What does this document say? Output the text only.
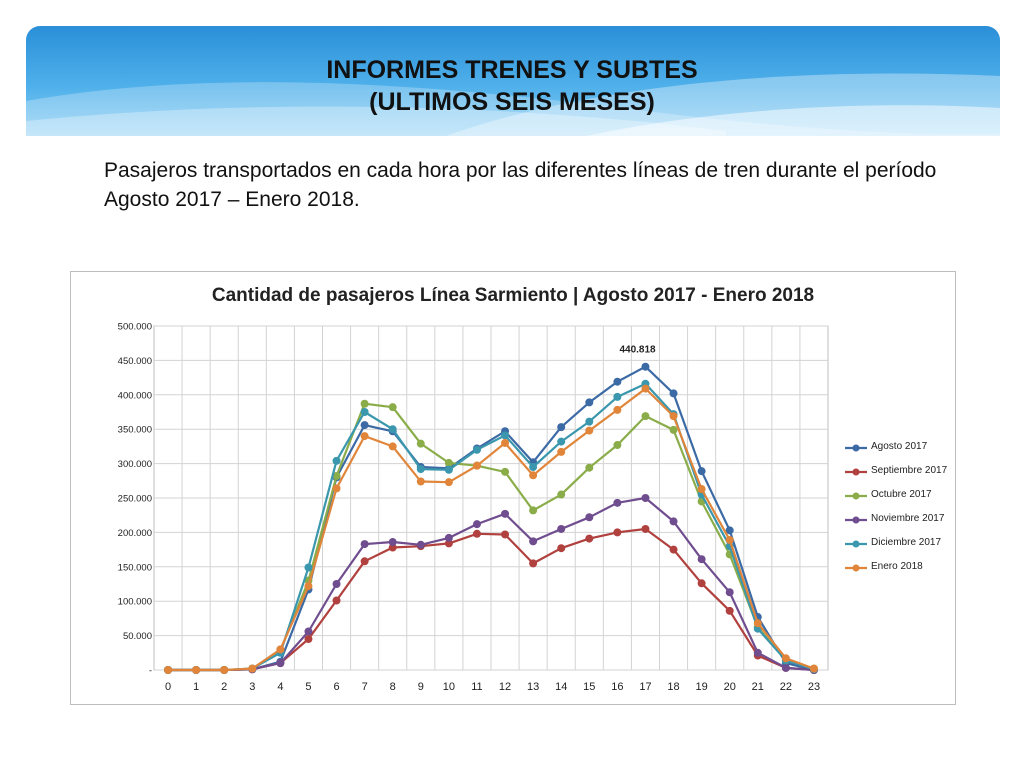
INFORMES TRENES Y SUBTES
(ULTIMOS SEIS MESES)
Pasajeros transportados en cada hora por las diferentes líneas de tren durante el período Agosto 2017 – Enero 2018.
Cantidad de pasajeros Línea Sarmiento | Agosto 2017 - Enero 2018
-
50.000
100.000
150.000
200.000
250.000
300.000
350.000
400.000
450.000
500.000
0 1 2 3 4 5 6 7 8 9 10 11 12 13 14 15 16 17 18 19 20 21 22 23
440.818
Agosto 2017
Septiembre 2017
Octubre 2017
Noviembre 2017
Diciembre 2017
Enero 2018
